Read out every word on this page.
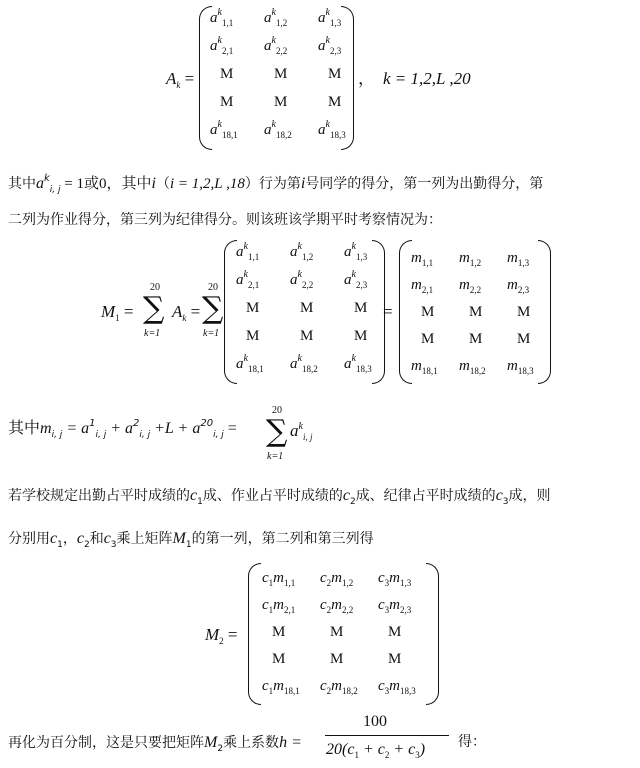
$A_k$ =
$a^k_{1,1}$ $a^k_{1,2}$ $a^k_{1,3}$
$a^k_{2,1}$ $a^k_{2,2}$ $a^k_{2,3}$
M	M	M
M	M	M
$a^k_{18,1}$ $a^k_{18,2}$ $a^k_{18,3}$
， k = 1,2,L ,20
其中$a^k_{i, j} = 1$或0，其中i（i = 1,2,L ,18）行为第i号同学的得分，第一列为出勤得分，第
二列为作业得分，第三列为纪律得分。则该班该学期平时考察情况为：
$M_1$ = ∑
20
k=1
$A_k$ = ∑
20
k=1
$a^k_{1,1}$ $a^k_{1,2}$ $a^k_{1,3}$
$a^k_{2,1}$ $a^k_{2,2}$ $a^k_{2,3}$
M	M	M
M	M	M
$a^k_{18,1}$ $a^k_{18,2}$ $a^k_{18,3}$
=
$m_{1,1}$ $m_{1,2}$ $m_{1,3}$
$m_{2,1}$ $m_{2,2}$ $m_{2,3}$
M M M
M M M
$m_{18,1}$ $m_{18,2}$ $m_{18,3}$
其中$m_{i, j} = a^1_{i, j} + a^2_{i, j} +L + a^{20}_{i, j}$ = ∑
20
k=1
$a^k_{i, j}$
若学校规定出勤占平时成绩的$c_1$成、作业占平时成绩的$c_2$成、纪律占平时成绩的$c_3$成，则
分别用$c_1$，$c_2$和$c_3$乘上矩阵$M_1$的第一列，第二列和第三列得
$M_2$ =
$c_1m_{1,1}$ $c_2m_{1,2}$ $c_3m_{1,3}$
$c_1m_{2,1}$ $c_2m_{2,2}$ $c_3m_{2,3}$
M	M	M
M	M	M
$c_1m_{18,1}$ $c_2m_{18,2}$ $c_3m_{18,3}$
再化为百分制，这是只要把矩阵$M_2$乘上系数h =
100
$20(c_1 + c_2 + c_3)$ 得：
